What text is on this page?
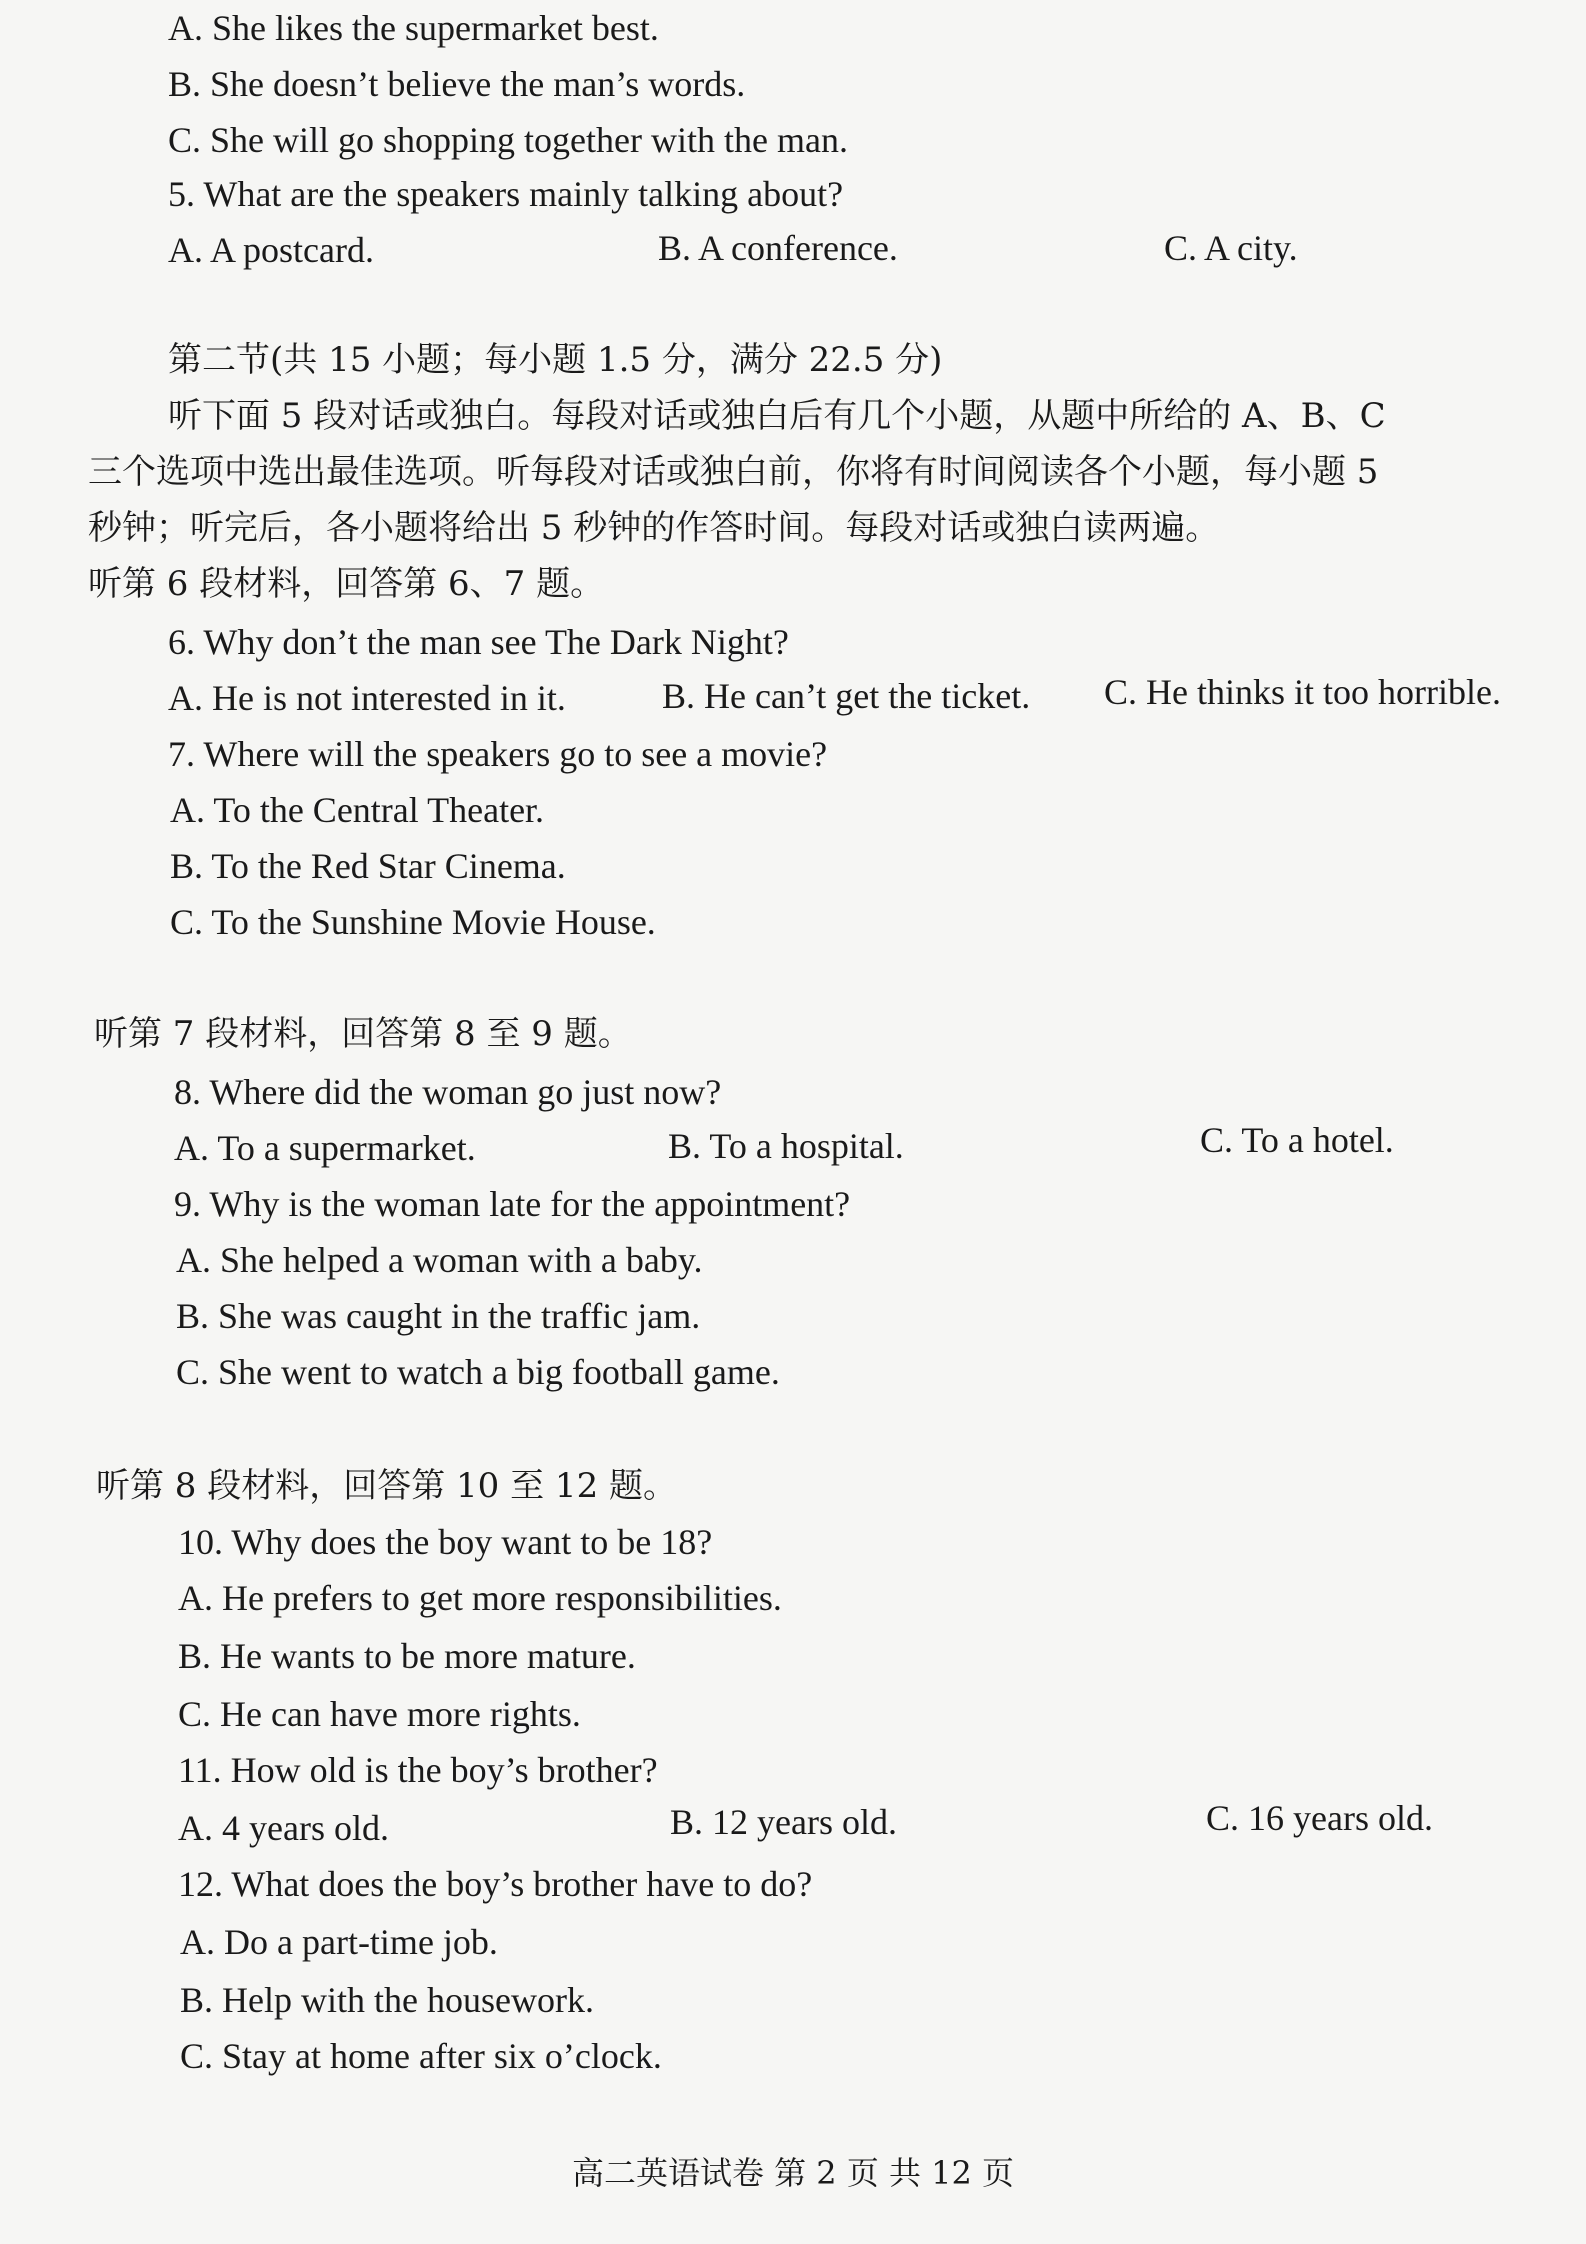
A. She likes the supermarket best.
B. She doesn’t believe the man’s words.
C. She will go shopping together with the man.
5. What are the speakers mainly talking about?
A. A postcard.	B. A conference.	C. A city.
第二节(共 15 小题；每小题 1.5 分，满分 22.5 分)
听下面 5 段对话或独白。每段对话或独白后有几个小题，从题中所给的 A、B、C
三个选项中选出最佳选项。听每段对话或独白前，你将有时间阅读各个小题，每小题 5
秒钟；听完后，各小题将给出 5 秒钟的作答时间。每段对话或独白读两遍。
听第 6 段材料，回答第 6、7 题。
6. Why don’t the man see The Dark Night?
A. He is not interested in it.	B. He can’t get the ticket. C. He thinks it too horrible.
7. Where will the speakers go to see a movie?
A. To the Central Theater.
B. To the Red Star Cinema.
C. To the Sunshine Movie House.
听第 7 段材料，回答第 8 至 9 题。
8. Where did the woman go just now?
A. To a supermarket.	B. To a hospital.	C. To a hotel.
9. Why is the woman late for the appointment?
A. She helped a woman with a baby.
B. She was caught in the traffic jam.
C. She went to watch a big football game.
听第 8 段材料，回答第 10 至 12 题。
10. Why does the boy want to be 18?
A. He prefers to get more responsibilities.
B. He wants to be more mature.
C. He can have more rights.
11. How old is the boy’s brother?
A. 4 years old.	B. 12 years old.	C. 16 years old.
12. What does the boy’s brother have to do?
A. Do a part-time job.
B. Help with the housework.
C. Stay at home after six o’clock.
高二英语试卷 第 2 页 共 12 页
